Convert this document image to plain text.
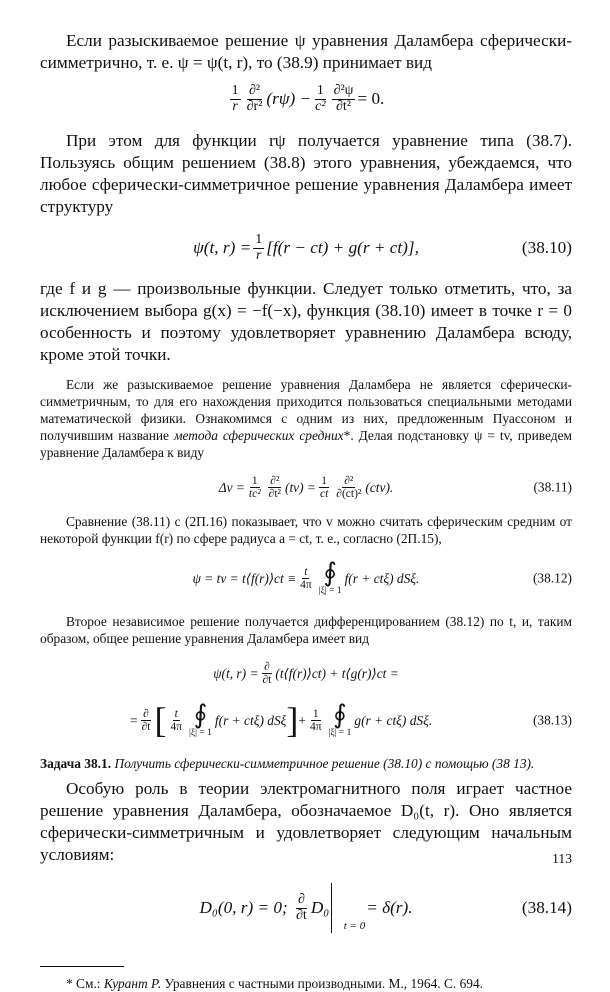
Если разыскиваемое решение ψ уравнения Даламбера сферически-симметрично, т. е. ψ = ψ(t, r), то (38.9) принимает вид

$\frac{1}{r} \frac{\text{∂²}}{\text{∂r²}} (r\psi) - \frac{1}{\text{c²}} \frac{\text{∂²ψ}}{\text{∂t²}} = 0$.

При этом для функции rψ получается уравнение типа (38.7). Пользуясь общим решением (38.8) этого уравнения, убеждаемся, что любое сферически-симметричное решение уравнения Даламбера имеет структуру

ψ(t, $r) = \frac{1}{r} [f(r - ct) + g(r + ct)]$,	(38.10)

где f и g — произвольные функции. Следует только отметить, что, за исключением выбора g(x) = −f(−x), функция (38.10) имеет в точке r = 0 особенность и поэтому удовлетворяет уравнению Даламбера всюду, кроме этой точки.

Если же разыскиваемое решение уравнения Даламбера не является сферически-симметричным, то для его нахождения приходится пользоваться специальными методами математической физики. Ознакомимся с одним из них, предложенным Пуассоном и получившим название метода сферических средних*. Делая подстановку ψ = tv, приведем уравнение Даламбера к виду

$\Delta v = \frac{1}{\text{tc²}} \frac{\text{∂²}}{\text{∂t²}} (tv) = \frac{1}{ct} \frac{\text{∂²}}{\text{∂(ct)²}} (ctv)$.	(38.11)

Сравнение (38.11) с (2П.16) показывает, что v можно считать сферическим средним от некоторой функции f(r) по сфере радиуса a = ct, т. е., согласно (2П.15),

ψ = tv = t⟨f(r)⟩ct ≡ $\frac{t}{4\pi}$ ∮
|ξ| = 1
f(r + ctξ) dSξ.	(38.12)

Второе независимое решение получается дифференцированием (38.12) по t, и, таким образом, общее решение уравнения Даламбера имеет вид

ψ(t, $r) = \frac{\partial}{\partial t}$ (t⟨f(r)⟩ct) + t⟨g(r)⟩ct =
= $\frac{\partial}{\partial t}$ [ $\frac{t}{4\pi}$ ∮
|ξ| = 1
f(r + ctξ) dSξ ] + $\frac{1}{4\pi}$ ∮
|ξ| = 1
g(r + ctξ) dSξ.	(38.13)

Задача 38.1. Получить сферически-симметричное решение (38.10) с помощью (38 13).

Особую роль в теории электромагнитного поля играет частное решение уравнения Даламбера, обозначаемое D₀(t, r). Оно является сферически-симметричным и удовлетворяет следующим начальным условиям:

D₀(0, r) = 0;
$\frac{\partial}{\partial t} D_0$
t = 0
= δ(r).	(38.14)

* См.: Курант Р. Уравнения с частными производными. М., 1964. С. 694.

113
